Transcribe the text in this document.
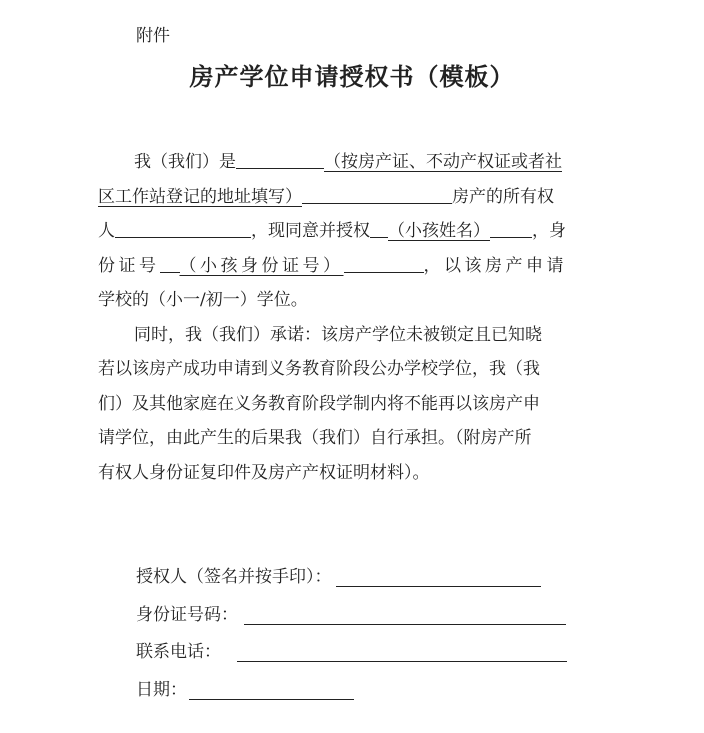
附件
房产学位申请授权书（模板）
我（我们）是	（按房产证、不动产权证或者社
区工作站登记的地址填写）	房产的所有权
人	，现同意并授权 （小孩姓名） ，身
份证号 （小孩身份证号）	，以该房产申请
学校的（小一/初一）学位。
同时，我（我们）承诺：该房产学位未被锁定且已知晓
若以该房产成功申请到义务教育阶段公办学校学位，我（我
们）及其他家庭在义务教育阶段学制内将不能再以该房产申
请学位，由此产生的后果我（我们）自行承担。（附房产所
有权人身份证复印件及房产产权证明材料）。
授权人（签名并按手印）：
身份证号码：
联系电话：
日期：
